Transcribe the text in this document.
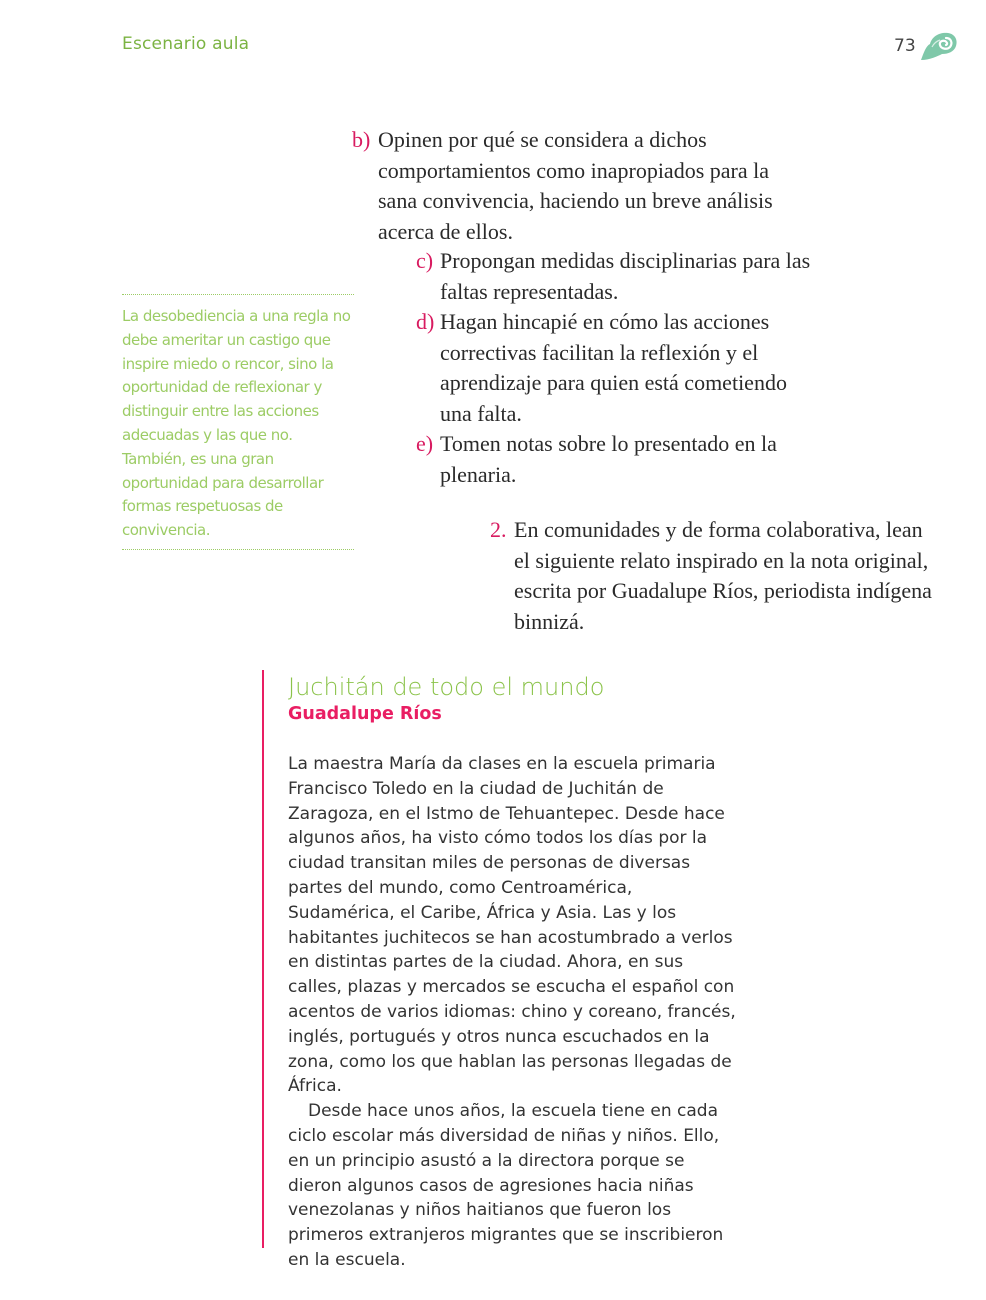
Escenario aula	73
b) Opinen por qué se considera a dichos comportamientos como inapropiados para la sana convivencia, haciendo un breve análisis acerca de ellos.
c) Propongan medidas disciplinarias para las faltas representadas.
d) Hagan hincapié en cómo las acciones correctivas facilitan la reflexión y el aprendizaje para quien está cometiendo una falta.
e) Tomen notas sobre lo presentado en la plenaria.

La desobediencia a una regla no debe ameritar un castigo que inspire miedo o rencor, sino la oportunidad de reflexionar y distinguir entre las acciones adecuadas y las que no. También, es una gran oportunidad para desarrollar formas respetuosas de convivencia.	2. En comunidades y de forma colaborativa, lean el siguiente relato inspirado en la nota original, escrita por Guadalupe Ríos, periodista indígena binnizá.
Juchitán de todo el mundo
Guadalupe Ríos

La maestra María da clases en la escuela primaria Francisco Toledo en la ciudad de Juchitán de Zaragoza, en el Istmo de Tehuantepec. Desde hace algunos años, ha visto cómo todos los días por la ciudad transitan miles de personas de diversas partes del mundo, como Centroamérica, Sudamérica, el Caribe, África y Asia. Las y los habitantes juchitecos se han acostumbrado a verlos en distintas partes de la ciudad. Ahora, en sus calles, plazas y mercados se escucha el español con acentos de varios idiomas: chino y coreano, francés, inglés, portugués y otros nunca escuchados en la zona, como los que hablan las personas llegadas de África.

Desde hace unos años, la escuela tiene en cada ciclo escolar más diversidad de niñas y niños. Ello, en un principio asustó a la directora porque se dieron algunos casos de agresiones hacia niñas venezolanas y niños haitianos que fueron los primeros extranjeros migrantes que se inscribieron en la escuela.
